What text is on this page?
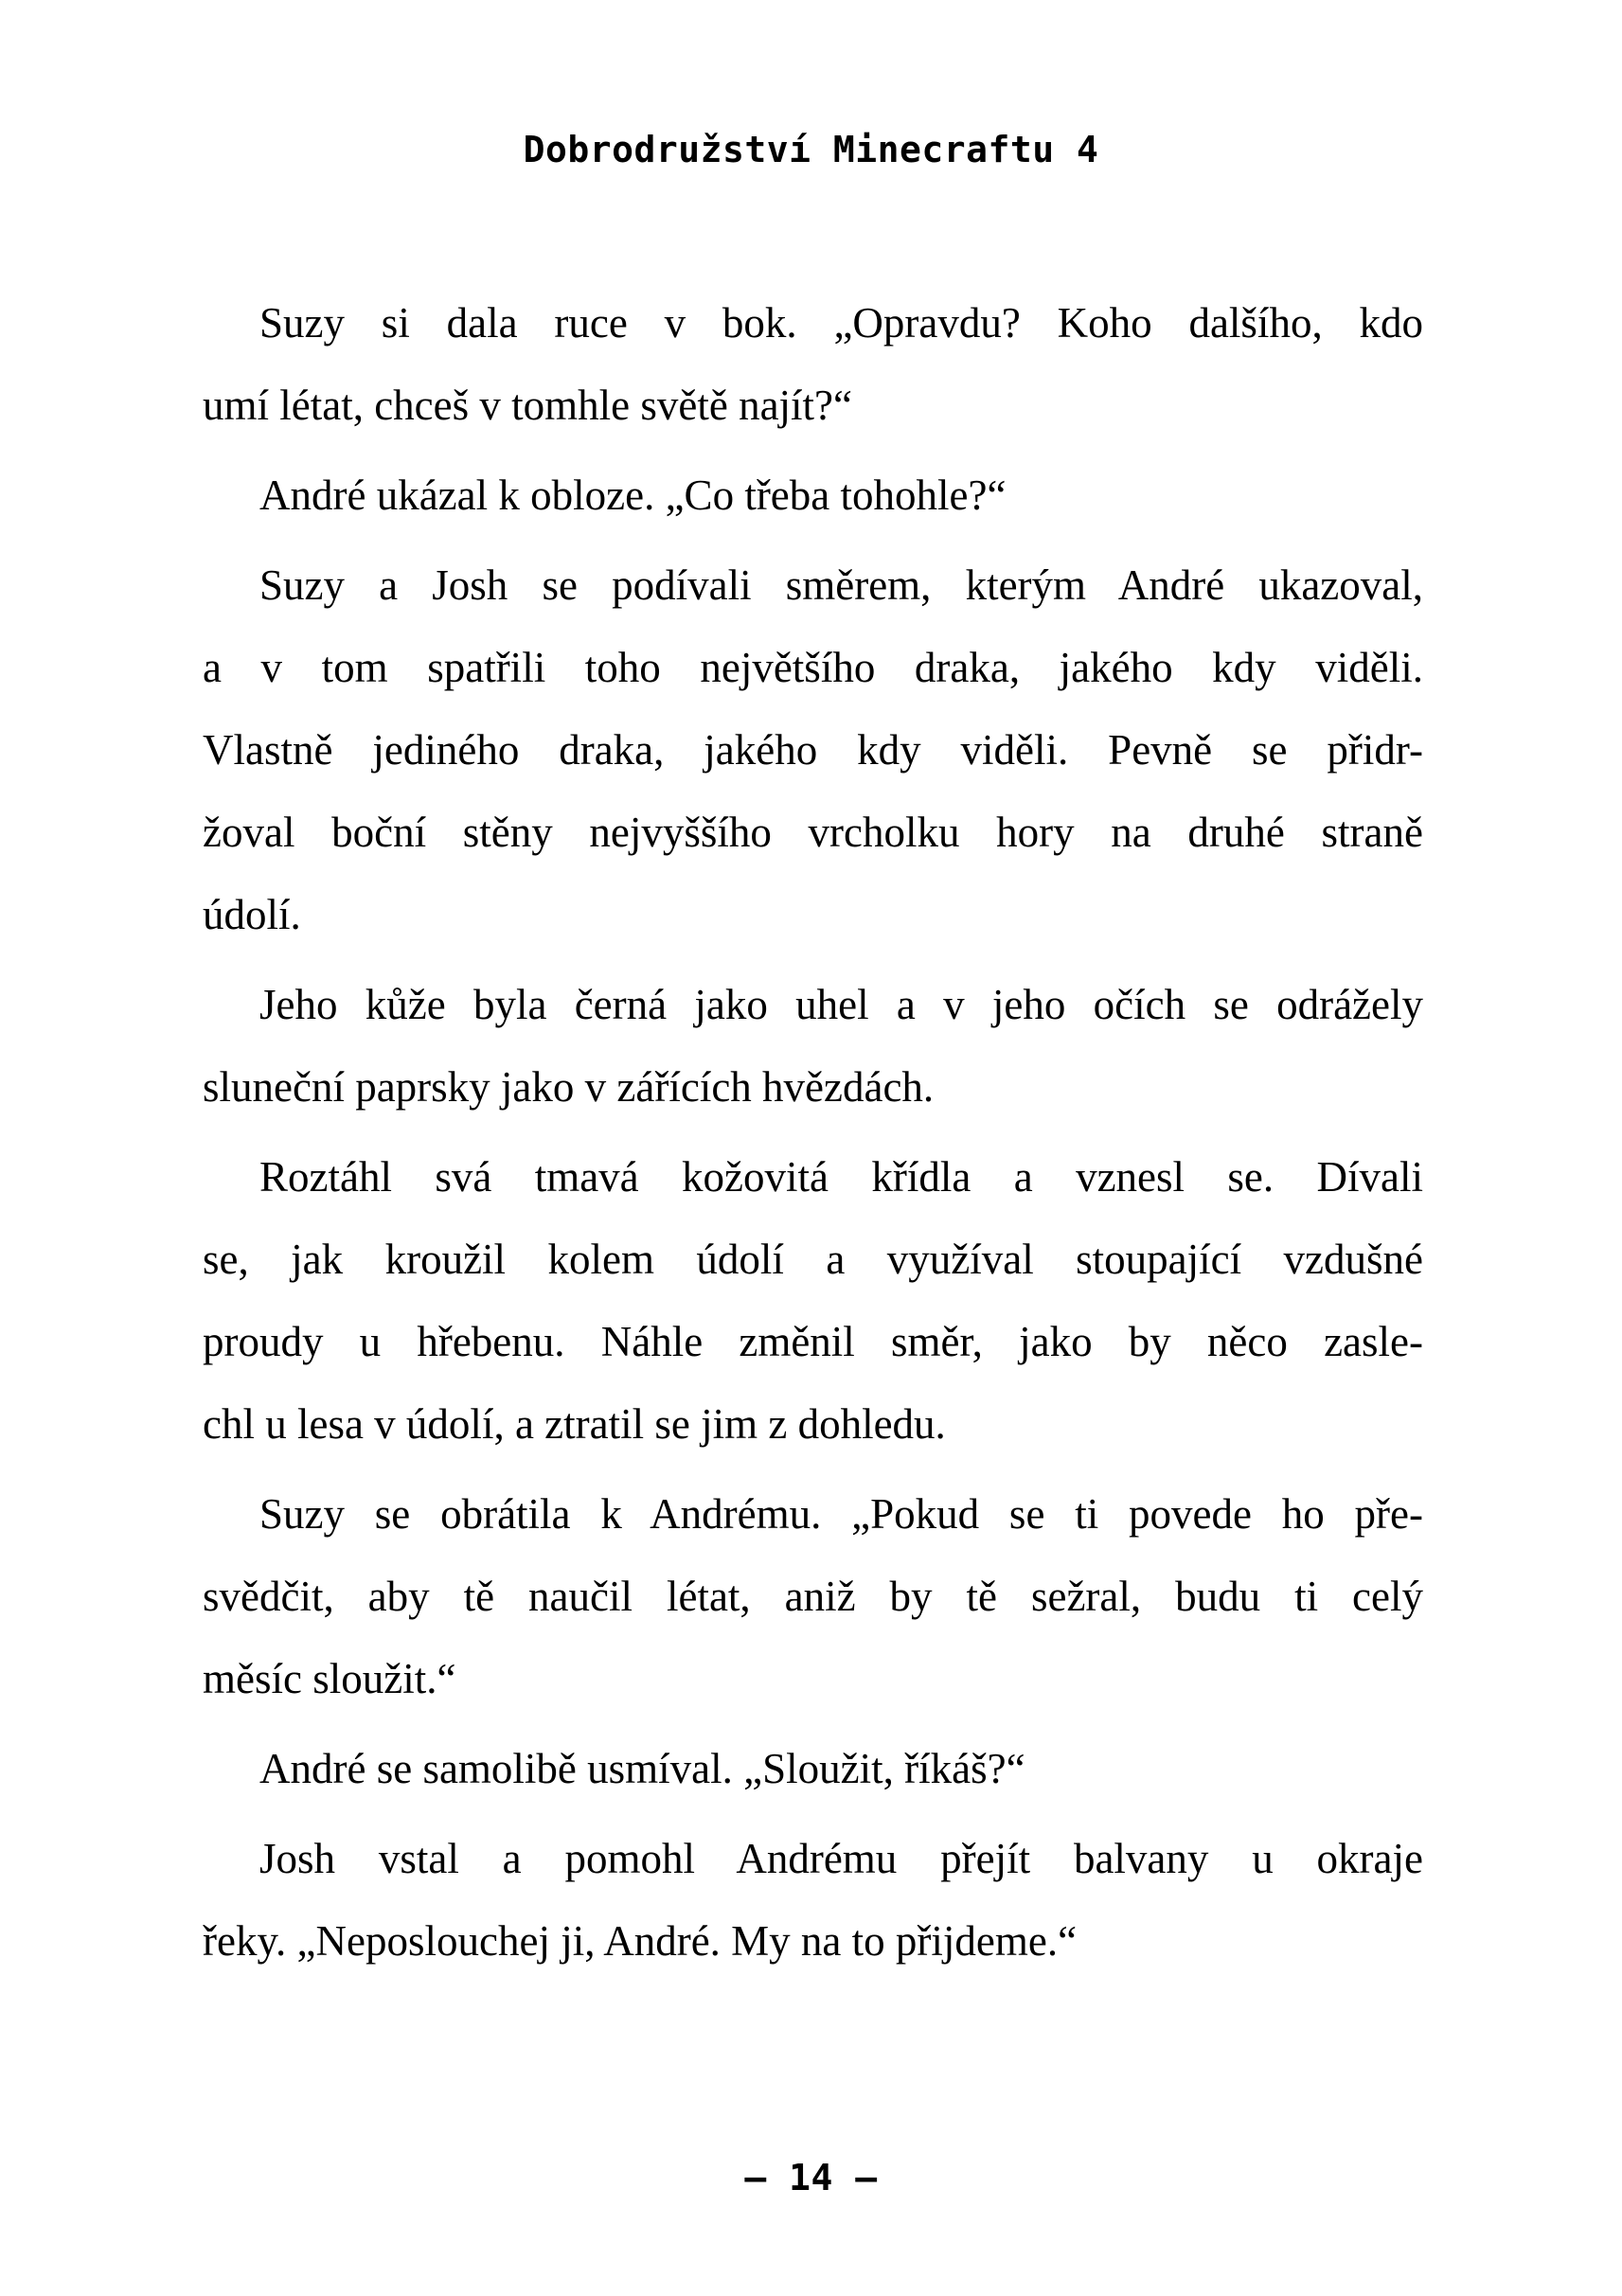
Dobrodružství Minecraftu 4
Suzy si dala ruce v bok. „Opravdu? Koho dalšího, kdo
umí létat, chceš v tomhle světě najít?“
André ukázal k obloze. „Co třeba tohohle?“
Suzy a Josh se podívali směrem, kterým André ukazoval,
a v tom spatřili toho největšího draka, jakého kdy viděli.
Vlastně jediného draka, jakého kdy viděli. Pevně se přidr-
žoval boční stěny nejvyššího vrcholku hory na druhé straně
údolí.
Jeho kůže byla černá jako uhel a v jeho očích se odrážely
sluneční paprsky jako v zářících hvězdách.
Roztáhl svá tmavá kožovitá křídla a vznesl se. Dívali
se, jak kroužil kolem údolí a využíval stoupající vzdušné
proudy u hřebenu. Náhle změnil směr, jako by něco zasle-
chl u lesa v údolí, a ztratil se jim z dohledu.
Suzy se obrátila k Andrému. „Pokud se ti povede ho pře-
svědčit, aby tě naučil létat, aniž by tě sežral, budu ti celý
měsíc sloužit.“
André se samolibě usmíval. „Sloužit, říkáš?“
Josh vstal a pomohl Andrému přejít balvany u okraje
řeky. „Neposlouchej ji, André. My na to přijdeme.“
– 14 –
